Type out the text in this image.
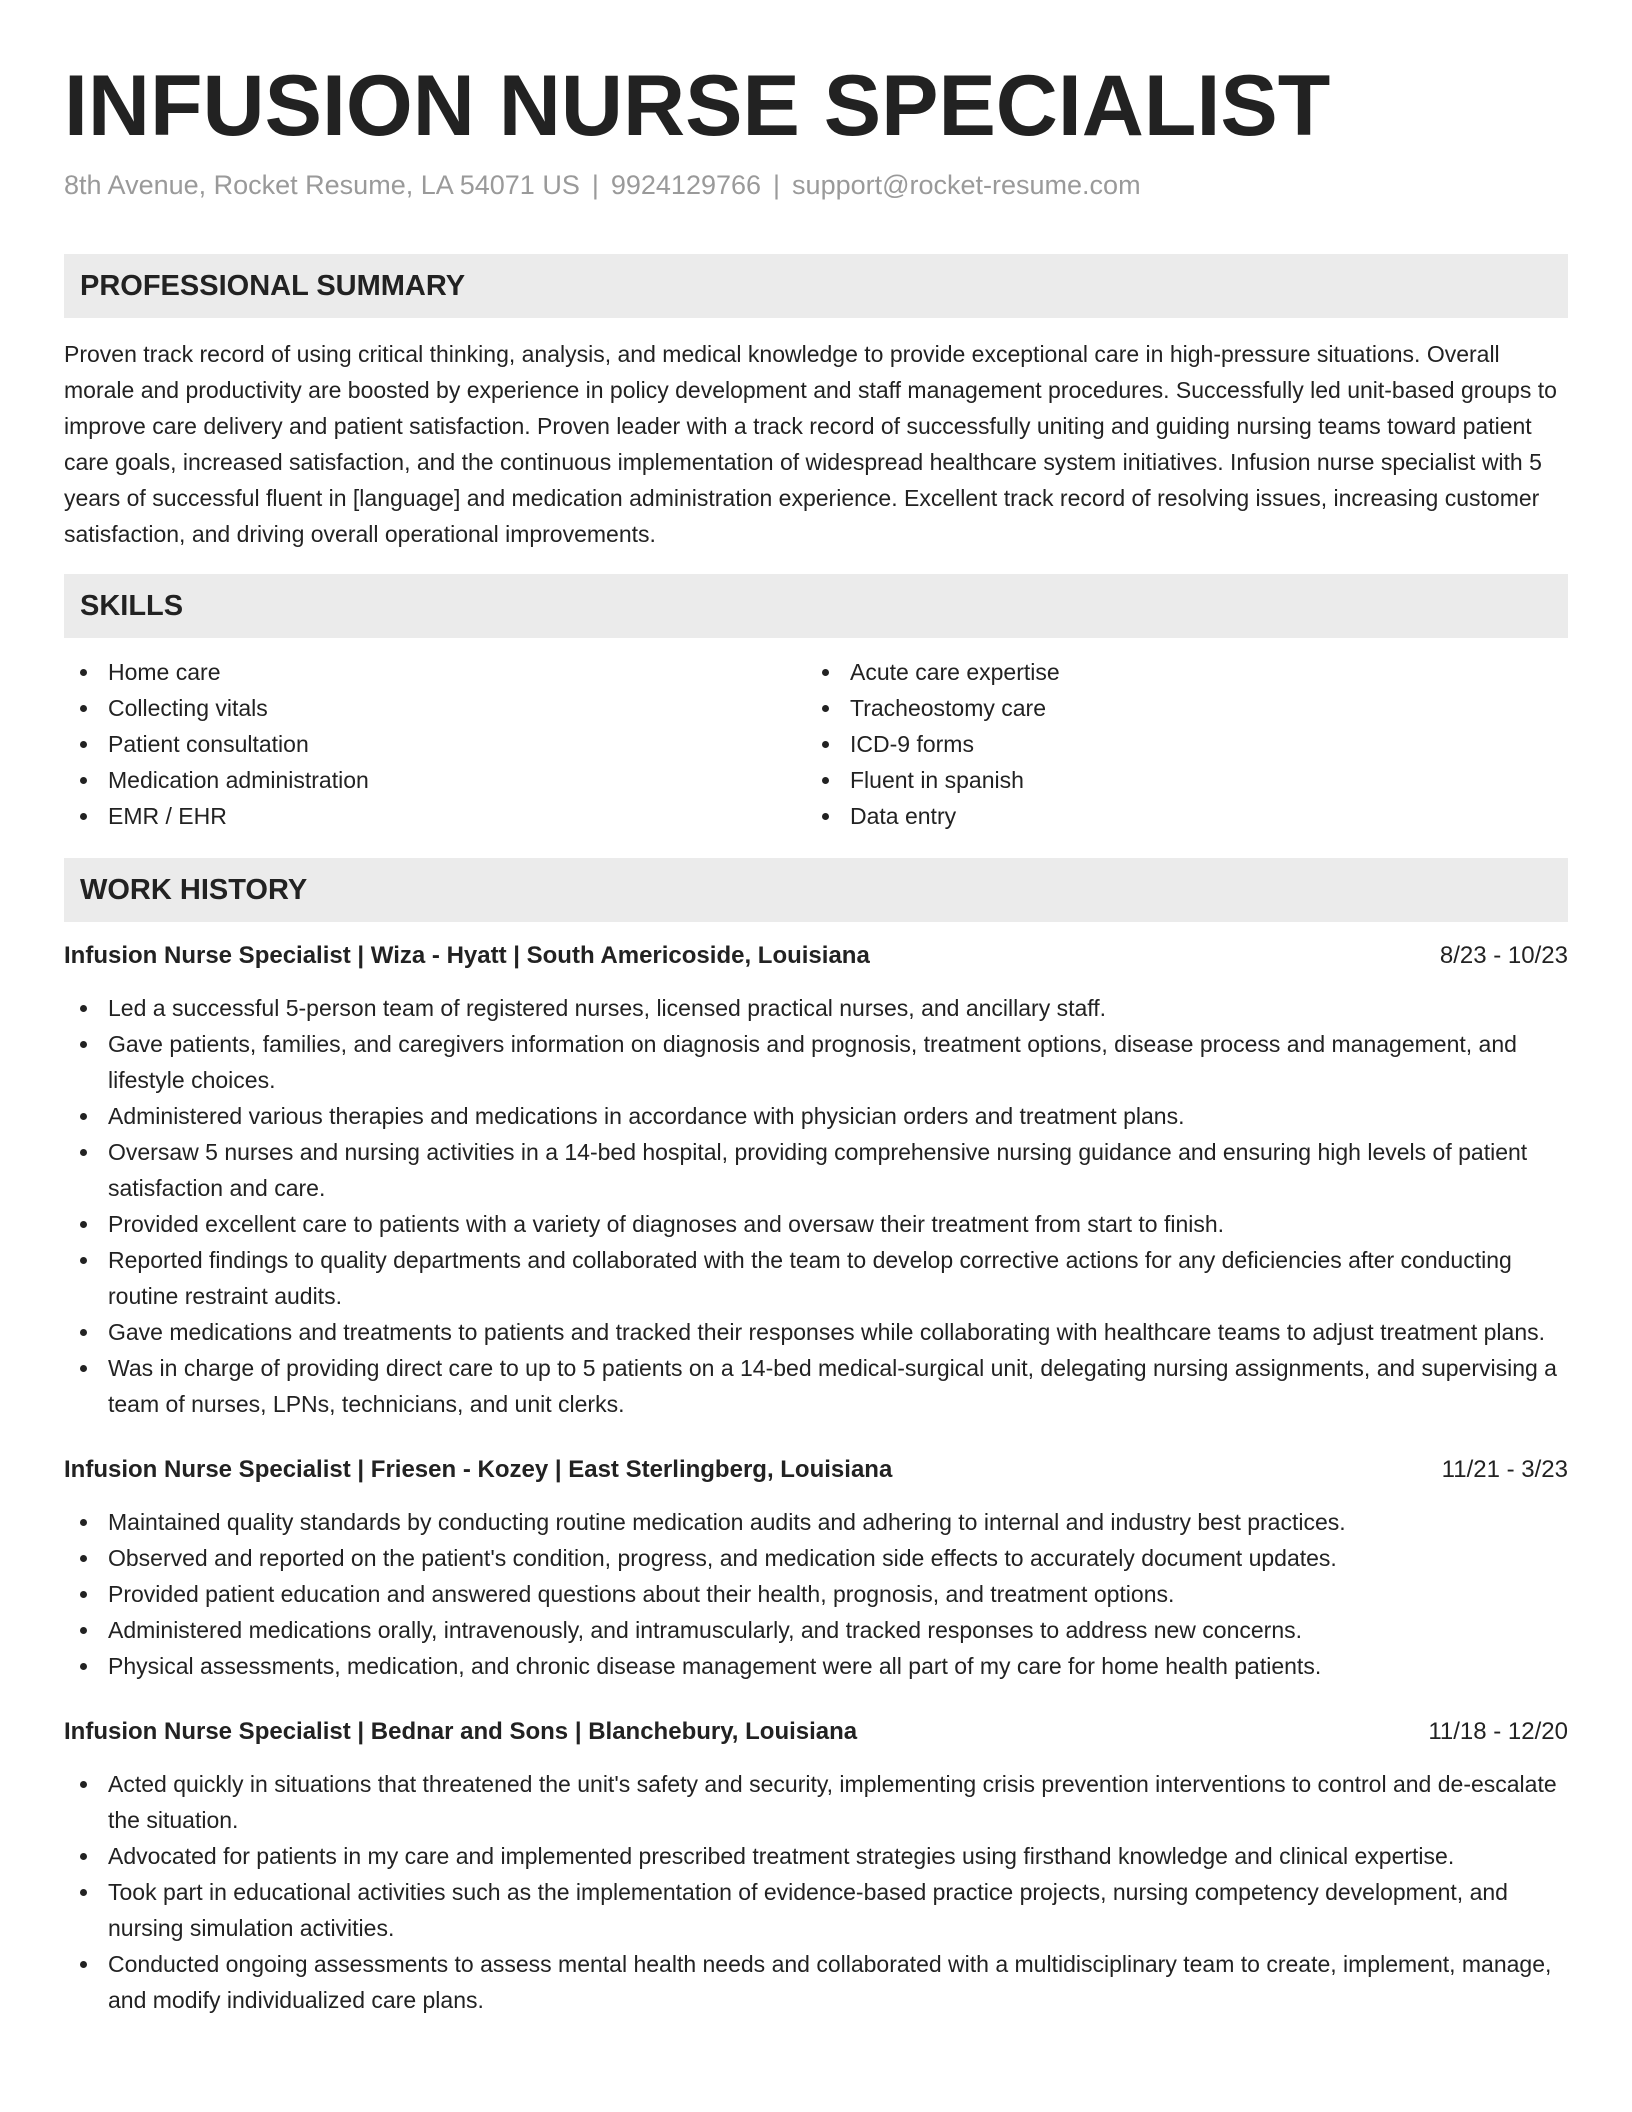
INFUSION NURSE SPECIALIST
8th Avenue, Rocket Resume, LA 54071 US | 9924129766 | support@rocket-resume.com
PROFESSIONAL SUMMARY
Proven track record of using critical thinking, analysis, and medical knowledge to provide exceptional care in high-pressure situations. Overall morale and productivity are boosted by experience in policy development and staff management procedures. Successfully led unit-based groups to improve care delivery and patient satisfaction. Proven leader with a track record of successfully uniting and guiding nursing teams toward patient care goals, increased satisfaction, and the continuous implementation of widespread healthcare system initiatives. Infusion nurse specialist with 5 years of successful fluent in [language] and medication administration experience. Excellent track record of resolving issues, increasing customer satisfaction, and driving overall operational improvements.
SKILLS
Home care
Collecting vitals
Patient consultation
Medication administration
EMR / EHR
Acute care expertise
Tracheostomy care
ICD-9 forms
Fluent in spanish
Data entry
WORK HISTORY
Infusion Nurse Specialist | Wiza - Hyatt | South Americoside, Louisiana	8/23 - 10/23
Led a successful 5-person team of registered nurses, licensed practical nurses, and ancillary staff.
Gave patients, families, and caregivers information on diagnosis and prognosis, treatment options, disease process and management, and lifestyle choices.
Administered various therapies and medications in accordance with physician orders and treatment plans.
Oversaw 5 nurses and nursing activities in a 14-bed hospital, providing comprehensive nursing guidance and ensuring high levels of patient satisfaction and care.
Provided excellent care to patients with a variety of diagnoses and oversaw their treatment from start to finish.
Reported findings to quality departments and collaborated with the team to develop corrective actions for any deficiencies after conducting routine restraint audits.
Gave medications and treatments to patients and tracked their responses while collaborating with healthcare teams to adjust treatment plans.
Was in charge of providing direct care to up to 5 patients on a 14-bed medical-surgical unit, delegating nursing assignments, and supervising a team of nurses, LPNs, technicians, and unit clerks.
Infusion Nurse Specialist | Friesen - Kozey | East Sterlingberg, Louisiana	11/21 - 3/23
Maintained quality standards by conducting routine medication audits and adhering to internal and industry best practices.
Observed and reported on the patient's condition, progress, and medication side effects to accurately document updates.
Provided patient education and answered questions about their health, prognosis, and treatment options.
Administered medications orally, intravenously, and intramuscularly, and tracked responses to address new concerns.
Physical assessments, medication, and chronic disease management were all part of my care for home health patients.
Infusion Nurse Specialist | Bednar and Sons | Blanchebury, Louisiana	11/18 - 12/20
Acted quickly in situations that threatened the unit's safety and security, implementing crisis prevention interventions to control and de-escalate the situation.
Advocated for patients in my care and implemented prescribed treatment strategies using firsthand knowledge and clinical expertise.
Took part in educational activities such as the implementation of evidence-based practice projects, nursing competency development, and nursing simulation activities.
Conducted ongoing assessments to assess mental health needs and collaborated with a multidisciplinary team to create, implement, manage, and modify individualized care plans.
